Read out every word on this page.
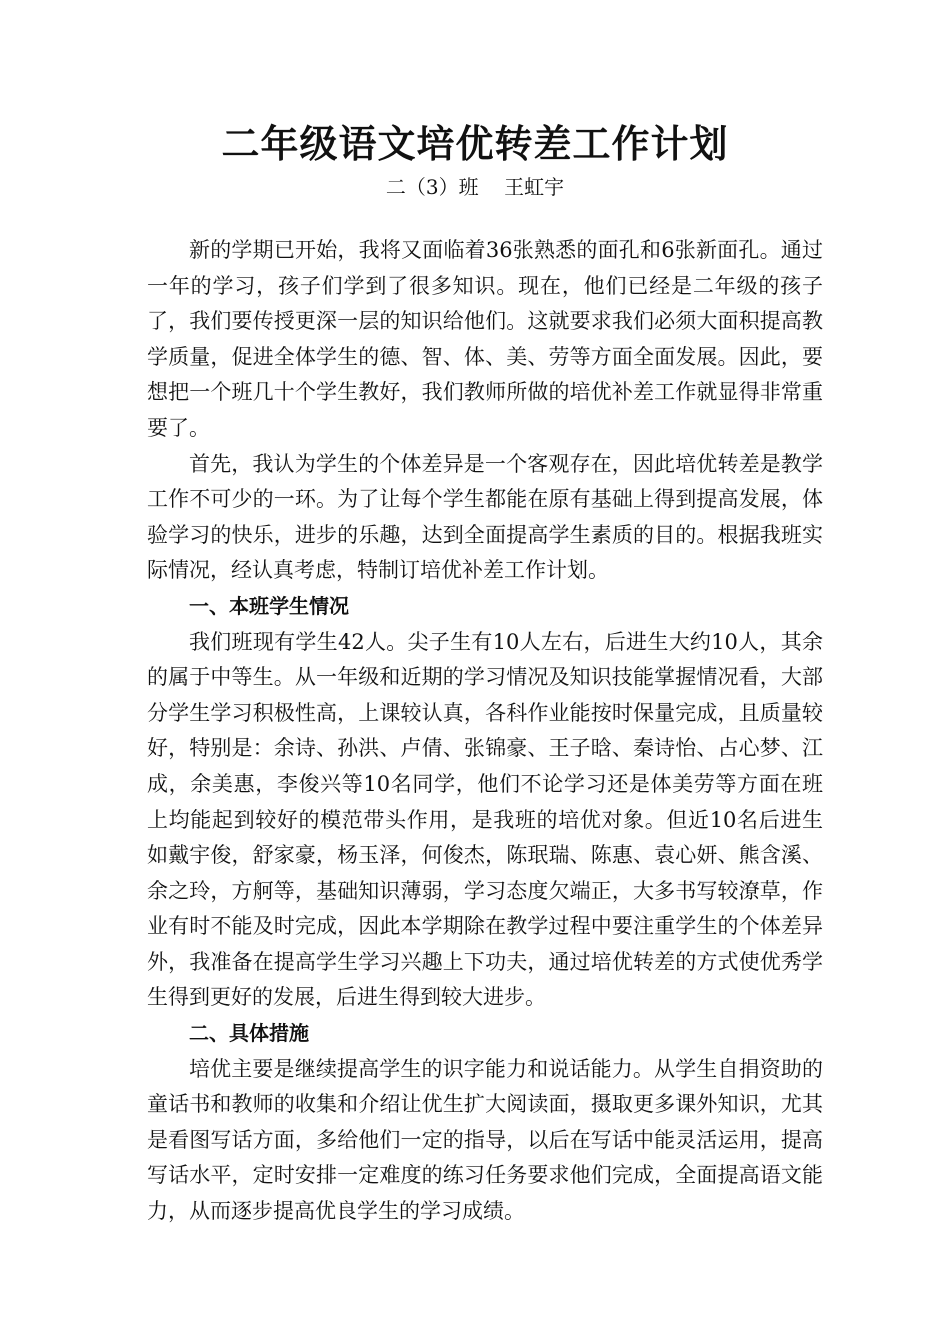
二年级语文培优转差工作计划
二（3）班    王虹宇

新的学期已开始，我将又面临着36张熟悉的面孔和6张新面孔。通过一年的学习，孩子们学到了很多知识。现在，他们已经是二年级的孩子了，我们要传授更深一层的知识给他们。这就要求我们必须大面积提高教学质量，促进全体学生的德、智、体、美、劳等方面全面发展。因此，要想把一个班几十个学生教好，我们教师所做的培优补差工作就显得非常重要了。

首先，我认为学生的个体差异是一个客观存在，因此培优转差是教学工作不可少的一环。为了让每个学生都能在原有基础上得到提高发展，体验学习的快乐，进步的乐趣，达到全面提高学生素质的目的。根据我班实际情况，经认真考虑，特制订培优补差工作计划。

一、本班学生情况

我们班现有学生42人。尖子生有10人左右，后进生大约10人，其余的属于中等生。从一年级和近期的学习情况及知识技能掌握情况看，大部分学生学习积极性高，上课较认真，各科作业能按时保量完成，且质量较好，特别是：余诗、孙洪、卢倩、张锦豪、王子晗、秦诗怡、占心梦、江成，余美惠，李俊兴等10名同学，他们不论学习还是体美劳等方面在班上均能起到较好的模范带头作用，是我班的培优对象。但近10名后进生如戴宇俊，舒家豪，杨玉泽，何俊杰，陈珉瑞、陈惠、袁心妍、熊含溪、余之玲，方舸等，基础知识薄弱，学习态度欠端正，大多书写较潦草，作业有时不能及时完成，因此本学期除在教学过程中要注重学生的个体差异外，我准备在提高学生学习兴趣上下功夫，通过培优转差的方式使优秀学生得到更好的发展，后进生得到较大进步。

二、具体措施

培优主要是继续提高学生的识字能力和说话能力。从学生自捐资助的童话书和教师的收集和介绍让优生扩大阅读面，摄取更多课外知识，尤其是看图写话方面，多给他们一定的指导，以后在写话中能灵活运用，提高写话水平，定时安排一定难度的练习任务要求他们完成，全面提高语文能力，从而逐步提高优良学生的学习成绩。
